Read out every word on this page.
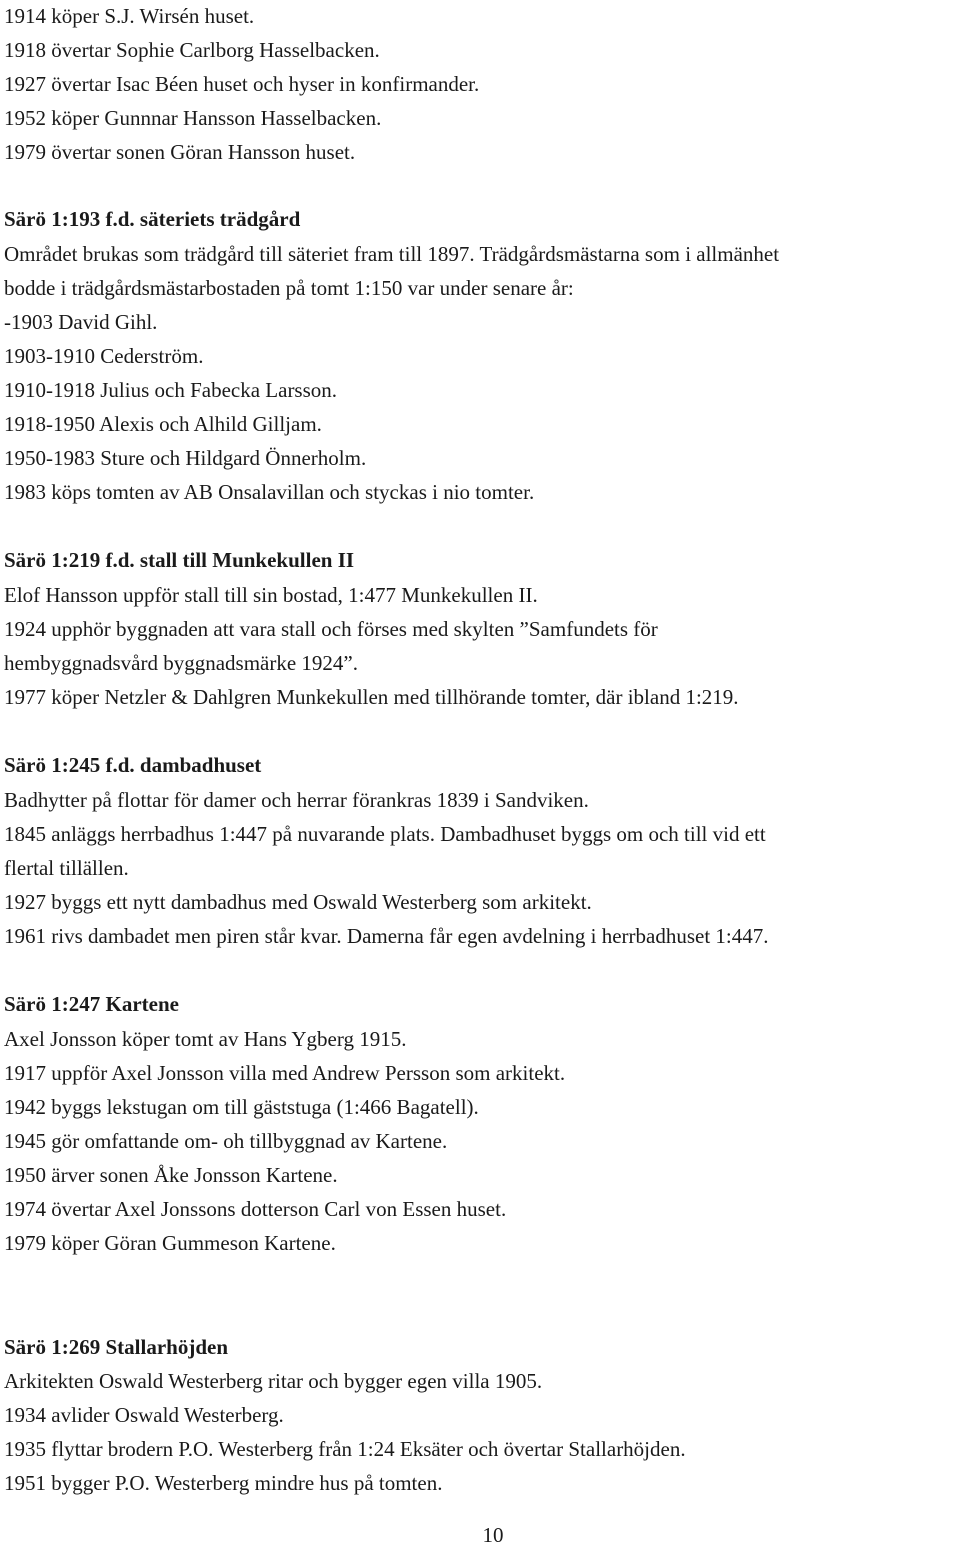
1914 köper S.J. Wirsén huset.

1918 övertar Sophie Carlborg Hasselbacken.

1927 övertar Isac Béen huset och hyser in konfirmander.

1952 köper Gunnnar Hansson Hasselbacken.

1979 övertar sonen Göran Hansson huset.

Särö 1:193 f.d. säteriets trädgård

Området brukas som trädgård till säteriet fram till 1897. Trädgårdsmästarna som i allmänhet

bodde i trädgårdsmästarbostaden på tomt 1:150 var under senare år:

-1903 David Gihl.

1903-1910 Cederström.

1910-1918 Julius och Fabecka Larsson.

1918-1950 Alexis och Alhild Gilljam.

1950-1983 Sture och Hildgard Önnerholm.

1983 köps tomten av AB Onsalavillan och styckas i nio tomter.

Särö 1:219 f.d. stall till Munkekullen II

Elof Hansson uppför stall till sin bostad, 1:477 Munkekullen II.

1924 upphör byggnaden att vara stall och förses med skylten ”Samfundets för

hembyggnadsvård byggnadsmärke 1924”.

1977 köper Netzler & Dahlgren Munkekullen med tillhörande tomter, där ibland 1:219.

Särö 1:245 f.d. dambadhuset

Badhytter på flottar för damer och herrar förankras 1839 i Sandviken.

1845 anläggs herrbadhus 1:447 på nuvarande plats. Dambadhuset byggs om och till vid ett

flertal tillällen.

1927 byggs ett nytt dambadhus med Oswald Westerberg som arkitekt.

1961 rivs dambadet men piren står kvar. Damerna får egen avdelning i herrbadhuset 1:447.

Särö 1:247 Kartene

Axel Jonsson köper tomt av Hans Ygberg 1915.

1917 uppför Axel Jonsson villa med Andrew Persson som arkitekt.

1942 byggs lekstugan om till gäststuga (1:466 Bagatell).

1945 gör omfattande om- oh tillbyggnad av Kartene.

1950 ärver sonen Åke Jonsson Kartene.

1974 övertar Axel Jonssons dotterson Carl von Essen huset.

1979 köper Göran Gummeson Kartene.

Särö 1:269 Stallarhöjden

Arkitekten Oswald Westerberg ritar och bygger egen villa 1905.

1934 avlider Oswald Westerberg.

1935 flyttar brodern P.O. Westerberg från 1:24 Eksäter och övertar Stallarhöjden.

1951 bygger P.O. Westerberg mindre hus på tomten.

10
